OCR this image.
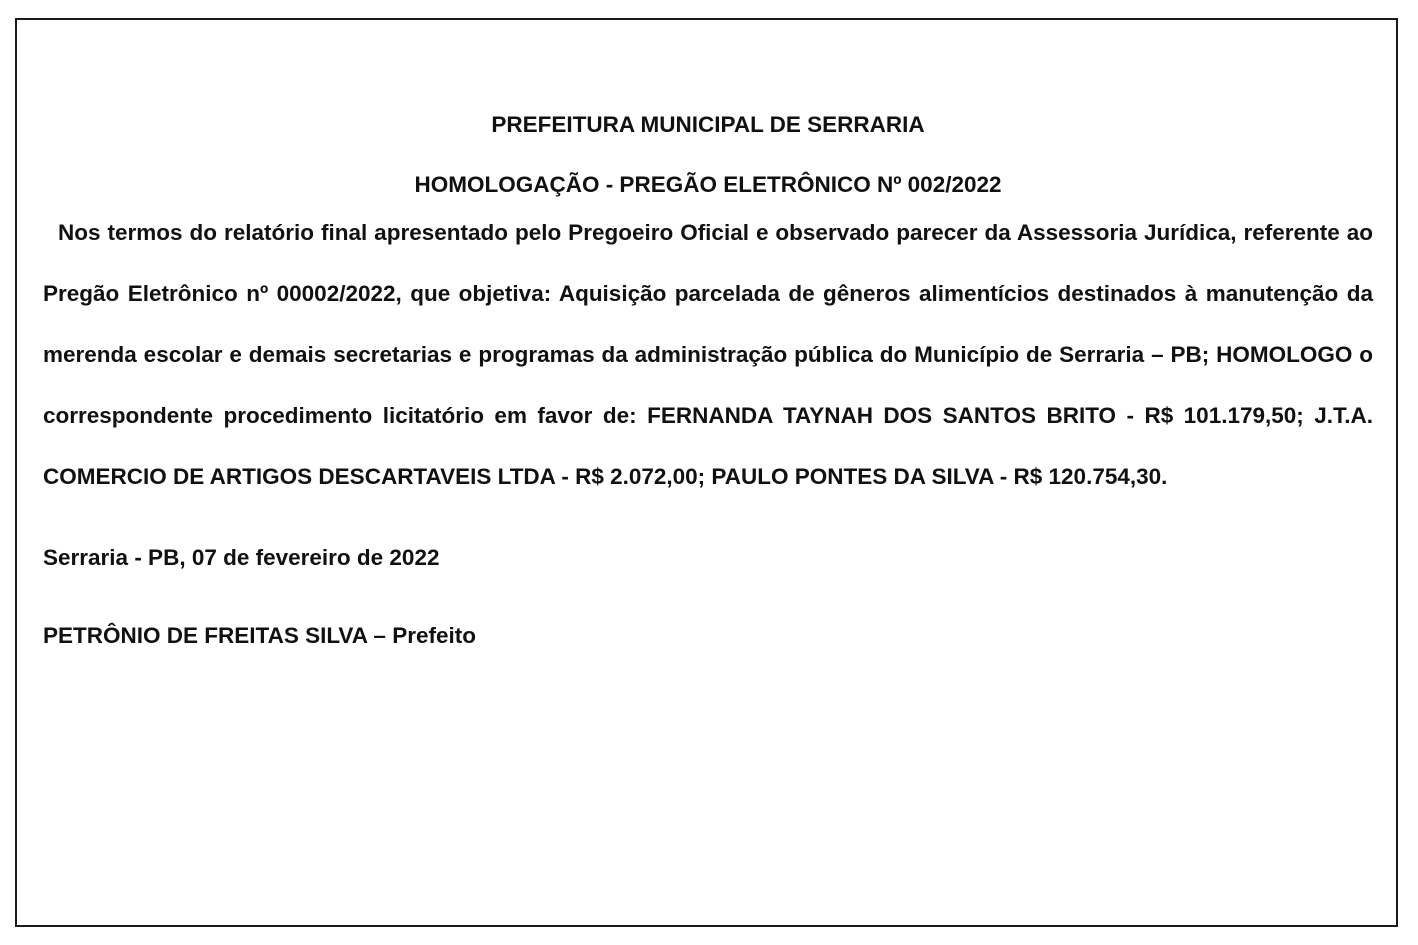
PREFEITURA MUNICIPAL DE SERRARIA

HOMOLOGAÇÃO - PREGÃO ELETRÔNICO Nº 002/2022

Nos termos do relatório final apresentado pelo Pregoeiro Oficial e observado parecer da Assessoria Jurídica, referente ao Pregão Eletrônico nº 00002/2022, que objetiva: Aquisição parcelada de gêneros alimentícios destinados à manutenção da merenda escolar e demais secretarias e programas da administração pública do Município de Serraria – PB; HOMOLOGO o correspondente procedimento licitatório em favor de: FERNANDA TAYNAH DOS SANTOS BRITO - R$ 101.179,50; J.T.A. COMERCIO DE ARTIGOS DESCARTAVEIS LTDA - R$ 2.072,00; PAULO PONTES DA SILVA - R$ 120.754,30.

Serraria - PB, 07 de fevereiro de 2022

PETRÔNIO DE FREITAS SILVA – Prefeito
